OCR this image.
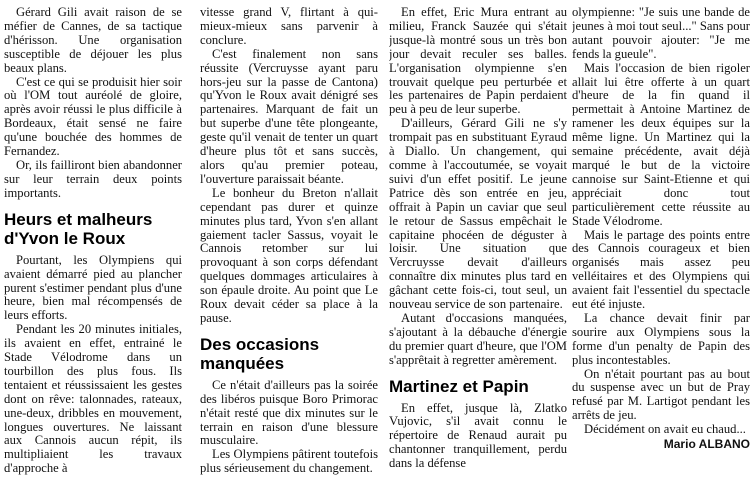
Gérard Gili avait raison de se méfier de Cannes, de sa tactique d'hérisson. Une organisation susceptible de déjouer les plus beaux plans.

C'est ce qui se produisit hier soir où l'OM tout auréolé de gloire, après avoir réussi le plus difficile à Bordeaux, était sensé ne faire qu'une bouchée des hommes de Fernandez.

Or, ils failliront bien abandonner sur leur terrain deux points importants.

Heurs et malheurs d'Yvon le Roux

Pourtant, les Olympiens qui avaient démarré pied au plancher purent s'estimer pendant plus d'une heure, bien mal récompensés de leurs efforts.

Pendant les 20 minutes initiales, ils avaient en effet, entrainé le Stade Vélodrome dans un tourbillon des plus fous. Ils tentaient et réussissaient les gestes dont on rêve: talonnades, rateaux, une-deux, dribbles en mouvement, longues ouvertures. Ne laissant aux Cannois aucun répit, ils multipliaient les travaux d'approche à

vitesse grand V, flirtant à qui-mieux-mieux sans parvenir à conclure.

C'est finalement non sans réussite (Vercruysse ayant paru hors-jeu sur la passe de Cantona) qu'Yvon le Roux avait dénigré ses partenaires. Marquant de fait un but superbe d'une tête plongeante, geste qu'il venait de tenter un quart d'heure plus tôt et sans succès, alors qu'au premier poteau, l'ouverture paraissait béante.

Le bonheur du Breton n'allait cependant pas durer et quinze minutes plus tard, Yvon s'en allant gaiement tacler Sassus, voyait le Cannois retomber sur lui provoquant à son corps défendant quelques dommages articulaires à son épaule droite. Au point que Le Roux devait céder sa place à la pause.

Des occasions manquées

Ce n'était d'ailleurs pas la soirée des libéros puisque Boro Primorac n'était resté que dix minutes sur le terrain en raison d'une blessure musculaire.

Les Olympiens pâtirent toutefois plus sérieusement du changement.

En effet, Eric Mura entrant au milieu, Franck Sauzée qui s'était jusque-là montré sous un très bon jour devait reculer ses balles. L'organisation olympienne s'en trouvait quelque peu perturbée et les partenaires de Papin perdaient peu à peu de leur superbe.

D'ailleurs, Gérard Gili ne s'y trompait pas en substituant Eyraud à Diallo. Un changement, qui comme à l'accoutumée, se voyait suivi d'un effet positif. Le jeune Patrice dès son entrée en jeu, offrait à Papin un caviar que seul le retour de Sassus empêchait le capitaine phocéen de déguster à loisir. Une situation que Vercruysse devait d'ailleurs connaître dix minutes plus tard en gâchant cette fois-ci, tout seul, un nouveau service de son partenaire.

Autant d'occasions manquées, s'ajoutant à la débauche d'énergie du premier quart d'heure, que l'OM s'apprêtait à regretter amèrement.

Martinez et Papin

En effet, jusque là, Zlatko Vujovic, s'il avait connu le répertoire de Renaud aurait pu chantonner tranquillement, perdu dans la défense

olympienne: "Je suis une bande de jeunes à moi tout seul..." Sans pour autant pouvoir ajouter: "Je me fends la gueule".

Mais l'occasion de bien rigoler allait lui être offerte à un quart d'heure de la fin quand il permettait à Antoine Martinez de ramener les deux équipes sur la même ligne. Un Martinez qui la semaine précédente, avait déjà marqué le but de la victoire cannoise sur Saint-Etienne et qui appréciait donc tout particulièrement cette réussite au Stade Vélodrome.

Mais le partage des points entre des Cannois courageux et bien organisés mais assez peu velléitaires et des Olympiens qui avaient fait l'essentiel du spectacle eut été injuste.

La chance devait finir par sourire aux Olympiens sous la forme d'un penalty de Papin des plus incontestables.

On n'était pourtant pas au bout du suspense avec un but de Pray refusé par M. Lartigot pendant les arrêts de jeu.

Décidément on avait eu chaud...

Mario ALBANO
